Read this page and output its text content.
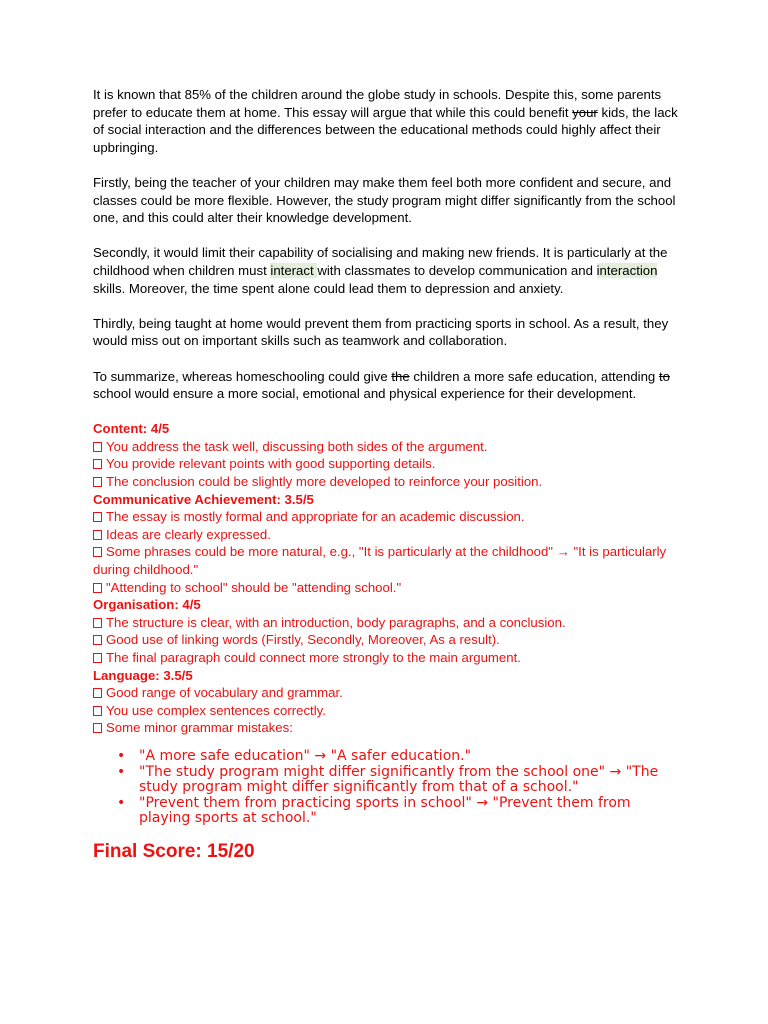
It is known that 85% of the children around the globe study in schools. Despite this, some parents prefer to educate them at home. This essay will argue that while this could benefit your kids, the lack of social interaction and the differences between the educational methods could highly affect their upbringing.

Firstly, being the teacher of your children may make them feel both more confident and secure, and classes could be more flexible. However, the study program might differ significantly from the school one, and this could alter their knowledge development.

Secondly, it would limit their capability of socialising and making new friends. It is particularly at the childhood when children must interact with classmates to develop communication and interaction skills. Moreover, the time spent alone could lead them to depression and anxiety.

Thirdly, being taught at home would prevent them from practicing sports in school. As a result, they would miss out on important skills such as teamwork and collaboration.

To summarize, whereas homeschooling could give the children a more safe education, attending to school would ensure a more social, emotional and physical experience for their development.

Content: 4/5

You address the task well, discussing both sides of the argument.

You provide relevant points with good supporting details.

The conclusion could be slightly more developed to reinforce your position.

Communicative Achievement: 3.5/5

The essay is mostly formal and appropriate for an academic discussion.

Ideas are clearly expressed.

Some phrases could be more natural, e.g., "It is particularly at the childhood" → "It is particularly during childhood."

"Attending to school" should be "attending school."

Organisation: 4/5

The structure is clear, with an introduction, body paragraphs, and a conclusion.

Good use of linking words (Firstly, Secondly, Moreover, As a result).

The final paragraph could connect more strongly to the main argument.

Language: 3.5/5

Good range of vocabulary and grammar.

You use complex sentences correctly.

Some minor grammar mistakes:

• "A more safe education" → "A safer education."
• "The study program might differ significantly from the school one" → "The study program might differ significantly from that of a school."
• "Prevent them from practicing sports in school" → "Prevent them from playing sports at school."

Final Score: 15/20
